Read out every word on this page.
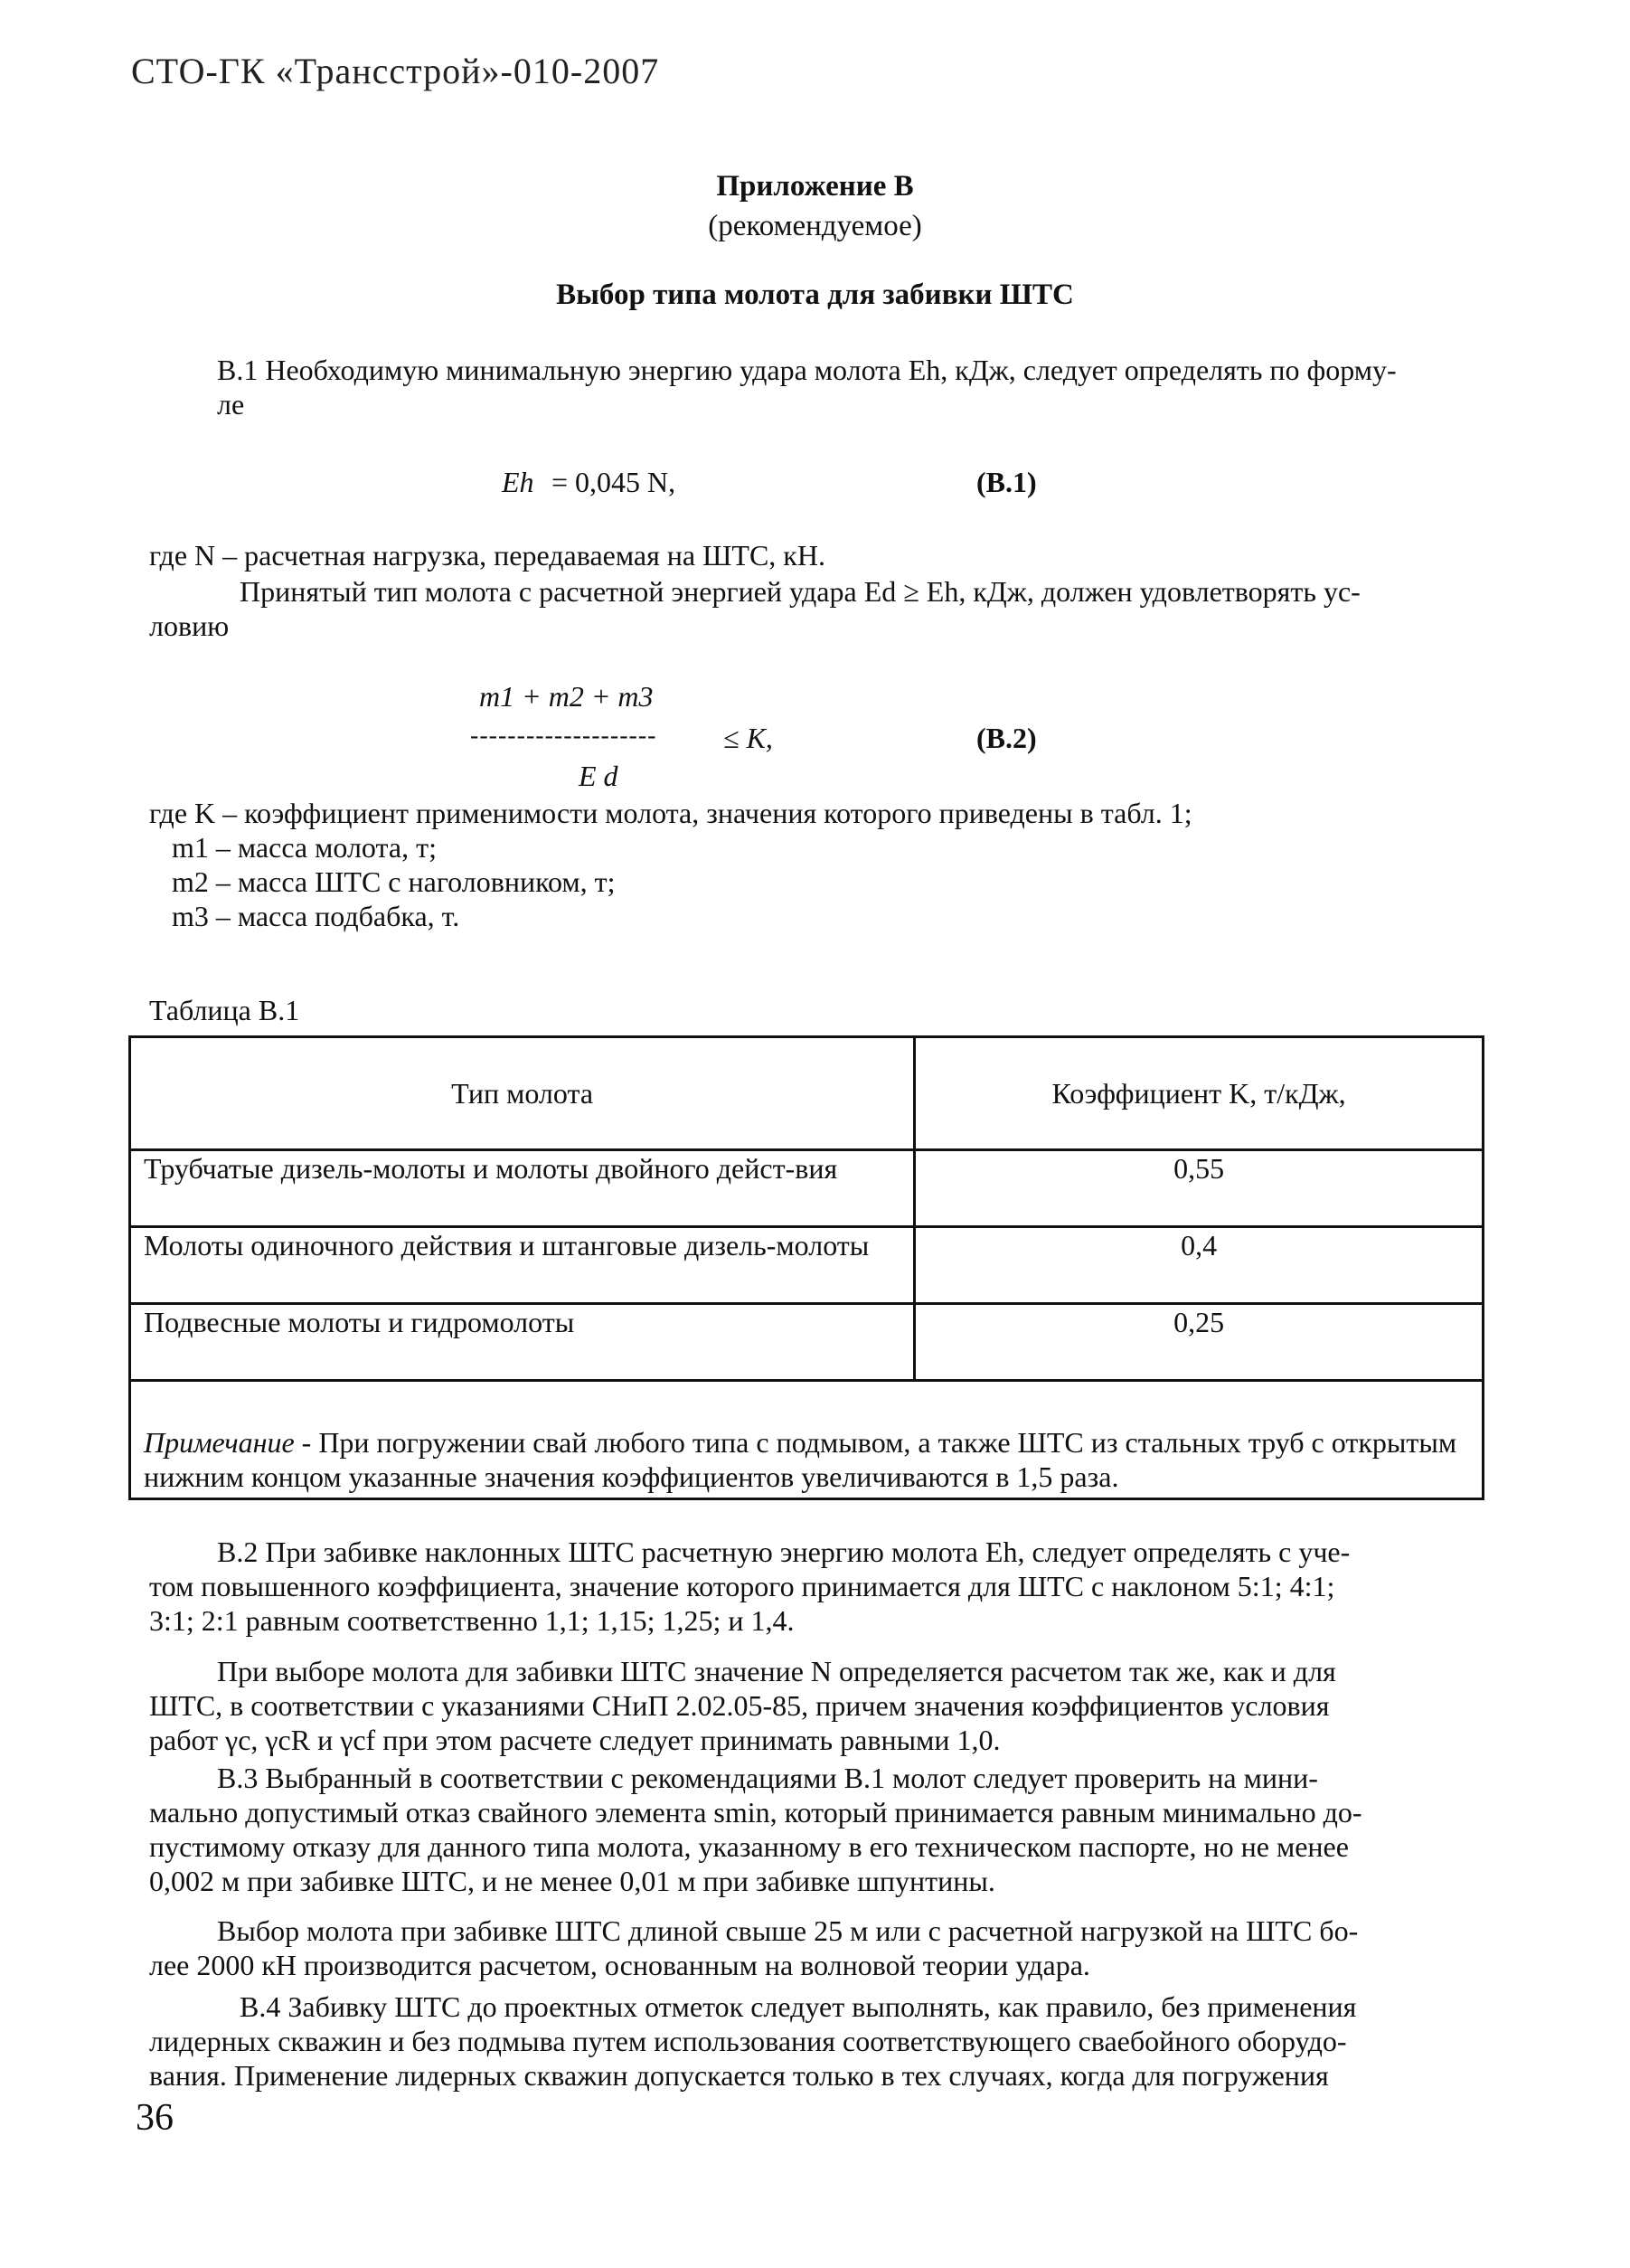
СТО-ГК «Трансстрой»-010-2007
Приложение В
(рекомендуемое)
Выбор типа молота для забивки ШТС
В.1 Необходимую минимальную энергию удара молота Eh, кДж, следует определять по форму-
ле
Eh = 0,045 N,	(В.1)
где N – расчетная нагрузка, передаваемая на ШТС, кН.
Принятый тип молота с расчетной энергией удара Ed ≥ Eh, кДж, должен удовлетворять ус-
ловию
m1 + m2 + m3
-------------------- ≤ K,	(В.2)
E d
где K – коэффициент применимости молота, значения которого приведены в табл. 1;
m1 – масса молота, т;
m2 – масса ШТС с наголовником, т;
m3 – масса подбабка, т.
Таблица В.1
Тип молота	Коэффициент K, т/кДж,
Трубчатые дизель-молоты и молоты двойного дейст-вия	0,55
Молоты одиночного действия и штанговые дизель-молоты	0,4
Подвесные молоты и гидромолоты	0,25
Примечание - При погружении свай любого типа с подмывом, а также ШТС из стальных труб с открытым нижним концом указанные значения коэффициентов увеличиваются в 1,5 раза.	
В.2 При забивке наклонных ШТС расчетную энергию молота Eh, следует определять с уче-
том повышенного коэффициента, значение которого принимается для ШТС с наклоном 5:1; 4:1;
3:1; 2:1 равным соответственно 1,1; 1,15; 1,25; и 1,4.
При выборе молота для забивки ШТС значение N определяется расчетом так же, как и для
ШТС, в соответствии с указаниями СНиП 2.02.05-85, причем значения коэффициентов условия
работ γc, γcR и γcf при этом расчете следует принимать равными 1,0.
В.3 Выбранный в соответствии с рекомендациями В.1 молот следует проверить на мини-
мально допустимый отказ свайного элемента smin, который принимается равным минимально до-
пустимому отказу для данного типа молота, указанному в его техническом паспорте, но не менее
0,002 м при забивке ШТС, и не менее 0,01 м при забивке шпунтины.
Выбор молота при забивке ШТС длиной свыше 25 м или с расчетной нагрузкой на ШТС бо-
лее 2000 кН производится расчетом, основанным на волновой теории удара.
В.4 Забивку ШТС до проектных отметок следует выполнять, как правило, без применения
лидерных скважин и без подмыва путем использования соответствующего сваебойного оборудо-
вания. Применение лидерных скважин допускается только в тех случаях, когда для погружения
36
